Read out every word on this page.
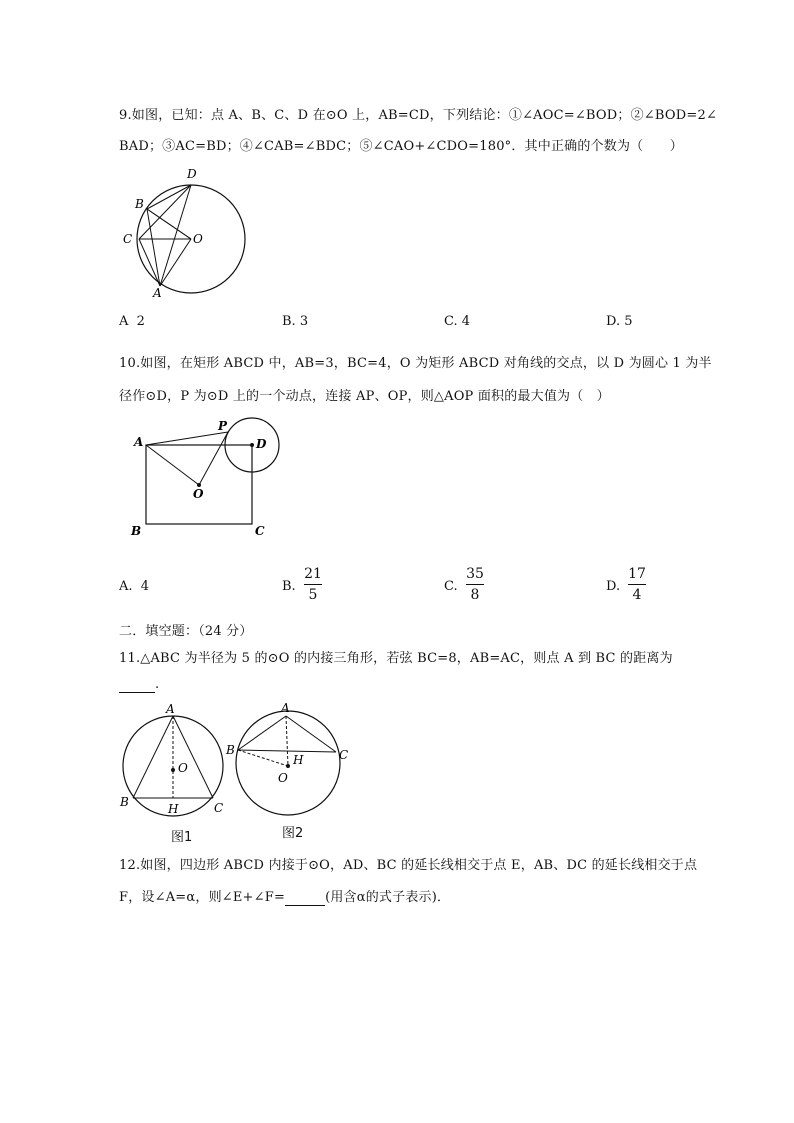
9.如图，已知：点 A、B、C、D 在⊙O 上，AB=CD，下列结论：①∠AOC=∠BOD；②∠BOD=2∠
BAD；③AC=BD；④∠CAB=∠BDC；⑤∠CAO+∠CDO=180°．其中正确的个数为（　　）
D
B
C	O
A
A 2	B. 3	C. 4	D. 5
10.如图，在矩形 ABCD 中，AB=3，BC=4，O 为矩形 ABCD 对角线的交点，以 D 为圆心 1 为半
径作⊙D，P 为⊙D 上的一个动点，连接 AP、OP，则△AOP 面积的最大值为（　）
A
P
D
O
B	C
A. 4	B.
21
5
C.
35
8
D.
17
4
二．填空题：（24 分）
11.△ABC 为半径为 5 的⊙O 的内接三角形，若弦 BC=8，AB=AC，则点 A 到 BC 的距离为
.
A
O
B	H	C
图1
A
B	C
H
O
图2
12.如图，四边形 ABCD 内接于⊙O，AD、BC 的延长线相交于点 E，AB、DC 的延长线相交于点
F，设∠A=α，则∠E+∠F=	(用含α的式子表示)．
